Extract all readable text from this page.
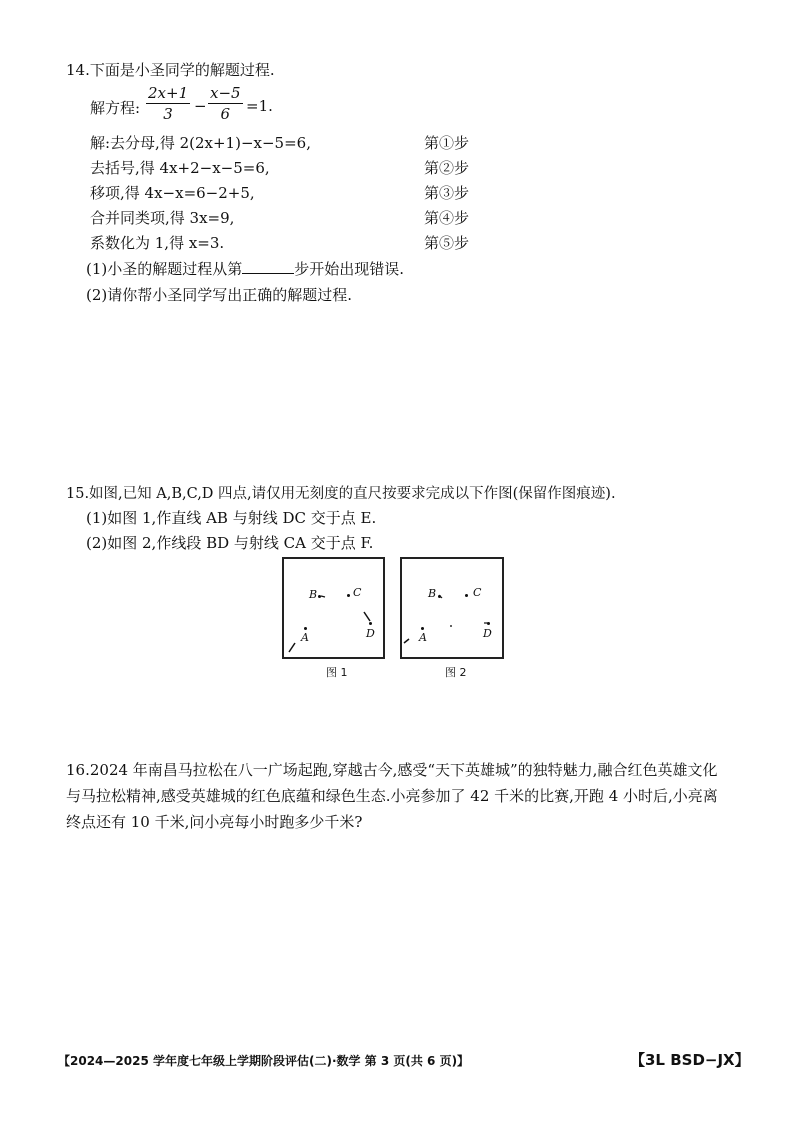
14.下面是小圣同学的解题过程.
解方程:
2x+1
3	−
x−5
6	=1.
解:去分母,得 2(2x+1)−x−5=6,	第①步
去括号,得 4x+2−x−5=6,	第②步
移项,得 4x−x=6−2+5,	第③步
合并同类项,得 3x=9,	第④步
系数化为 1,得 x=3.	第⑤步
(1)小圣的解题过程从第	步开始出现错误.
(2)请你帮小圣同学写出正确的解题过程.
15.如图,已知 A,B,C,D 四点,请仅用无刻度的直尺按要求完成以下作图(保留作图痕迹).
(1)如图 1,作直线 AB 与射线 DC 交于点 E.
(2)如图 2,作线段 BD 与射线 CA 交于点 F.
A
B	C
D
图 1
A
B	C
D
图 2
16.2024 年南昌马拉松在八一广场起跑,穿越古今,感受“天下英雄城”的独特魅力,融合红色英雄文化与马拉松精神,感受英雄城的红色底蕴和绿色生态.小亮参加了 42 千米的比赛,开跑 4 小时后,小亮离终点还有 10 千米,问小亮每小时跑多少千米?
【2024—2025 学年度七年级上学期阶段评估(二)·数学 第 3 页(共 6 页)】	【3L BSD−JX】
